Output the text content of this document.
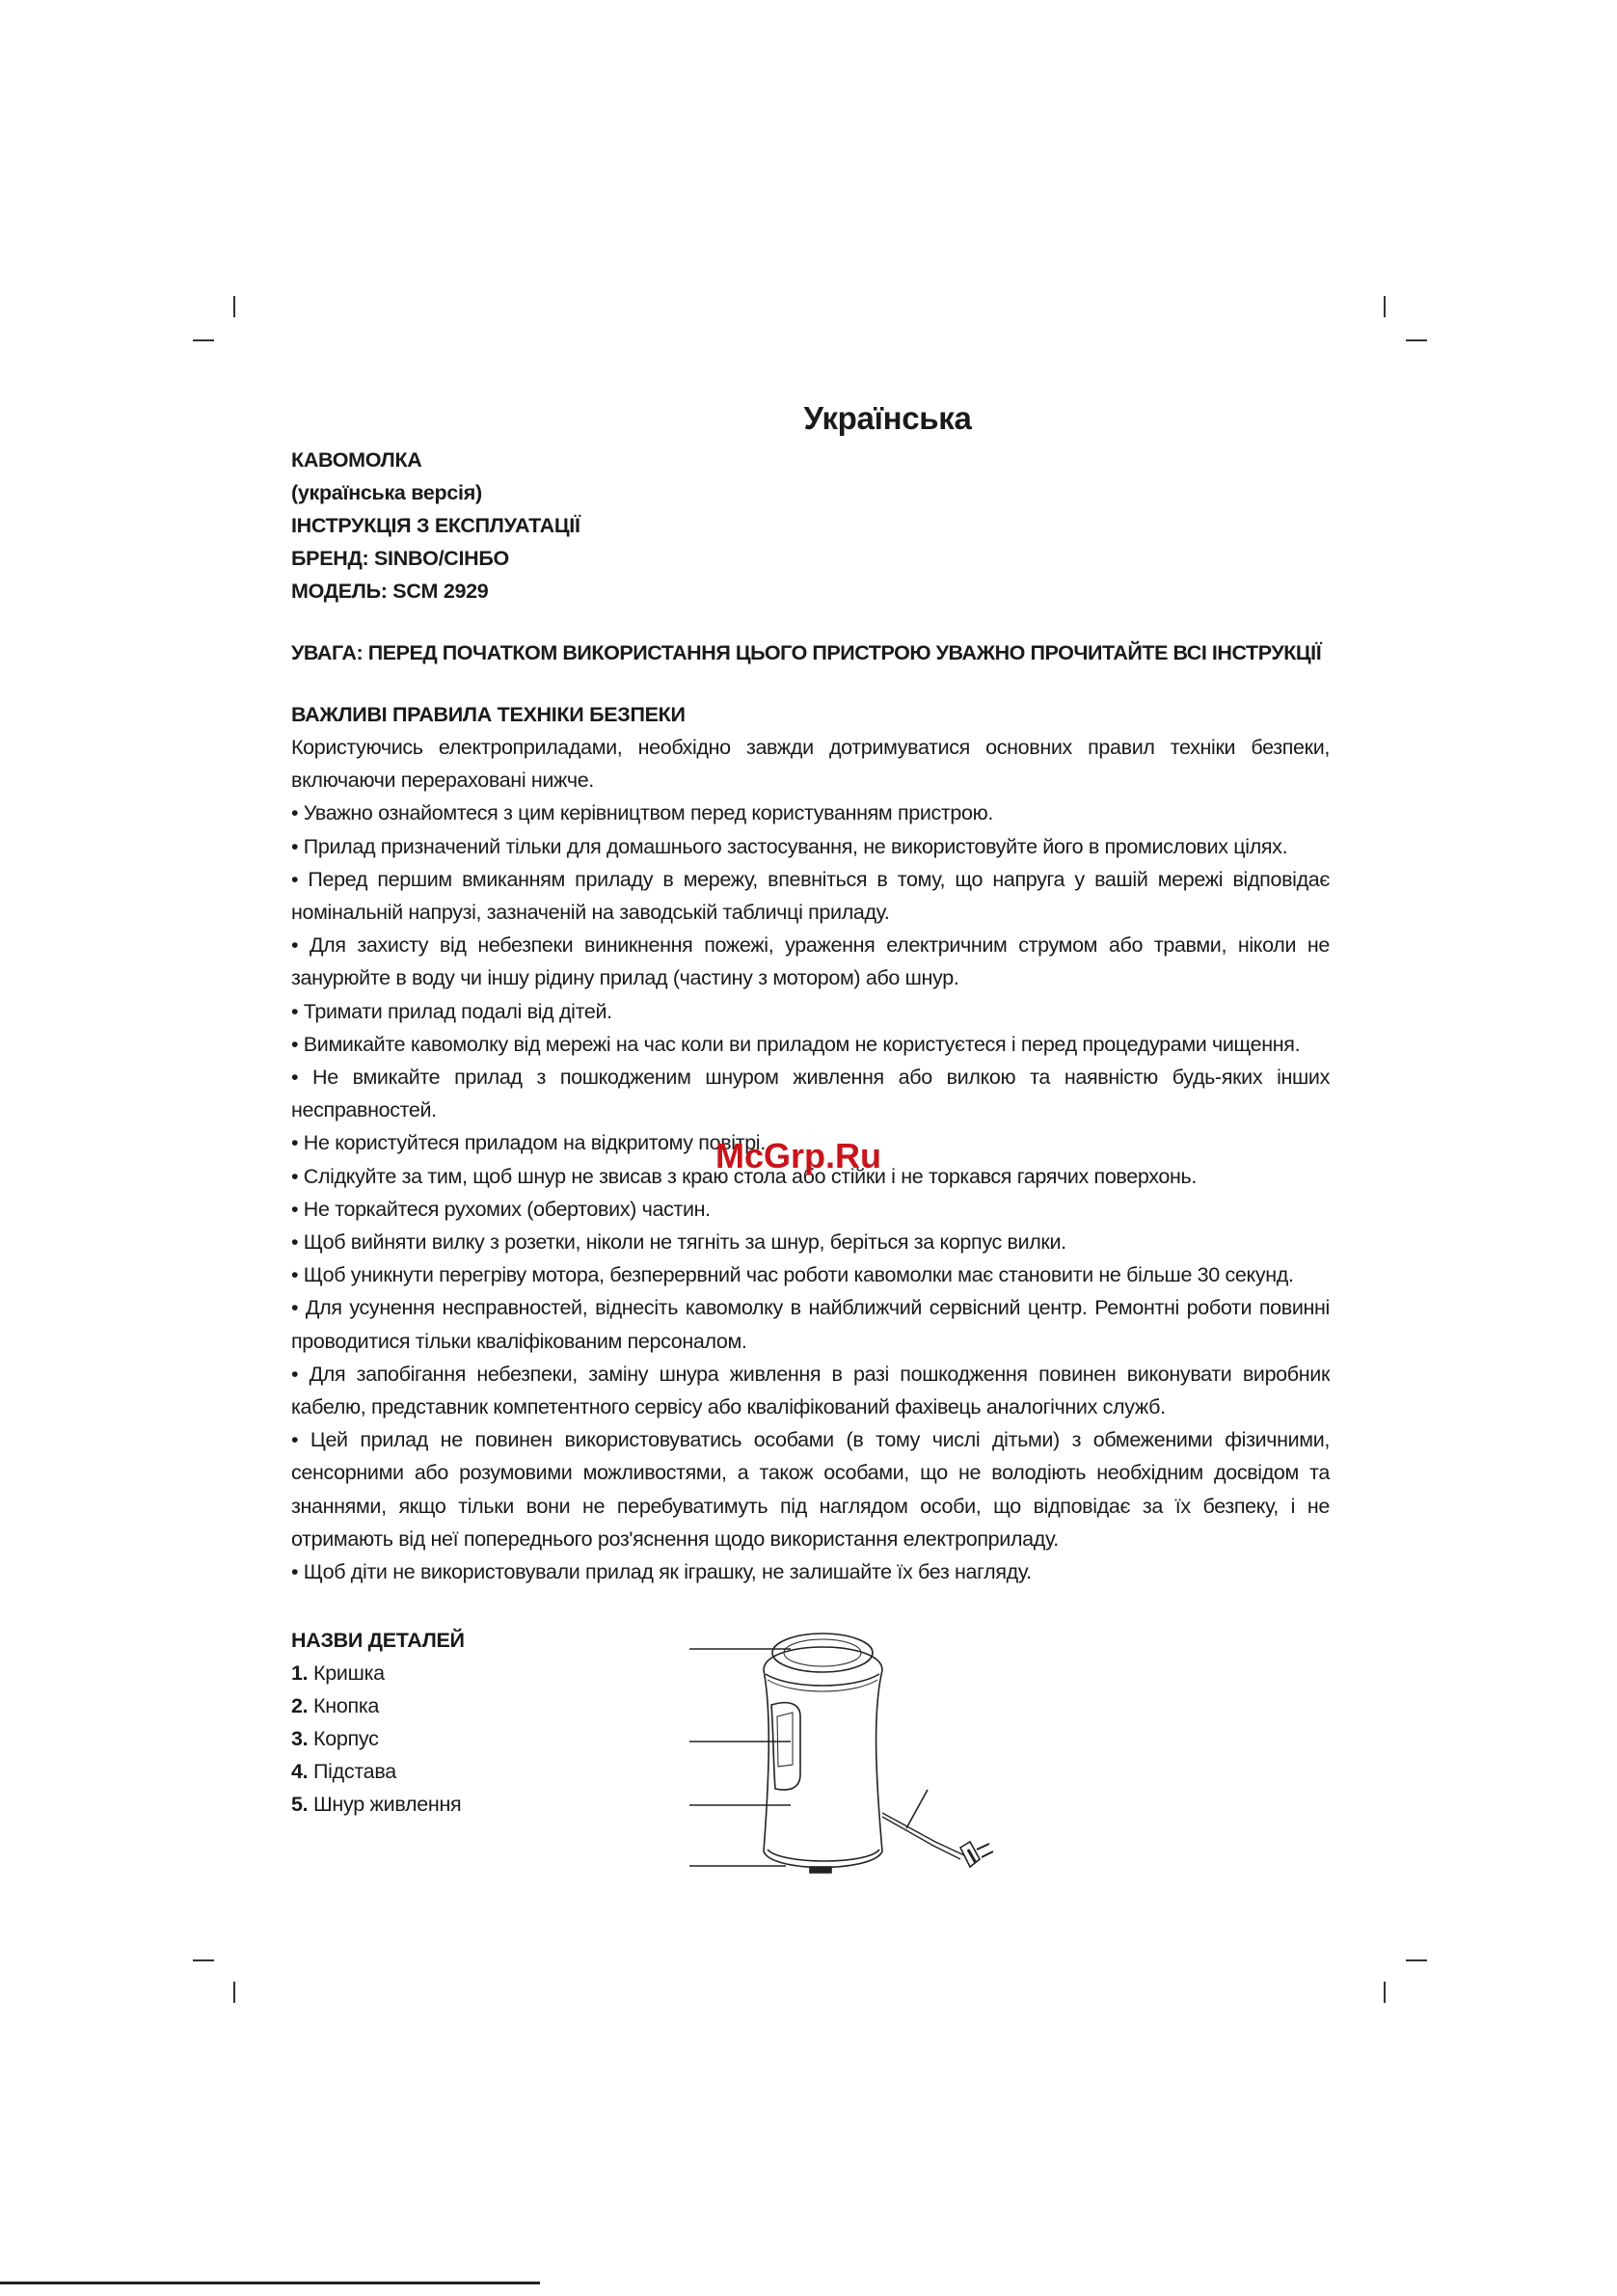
Українська
КАВОМОЛКА
(українська версія)
ІНСТРУКЦІЯ З ЕКСПЛУАТАЦІЇ
БРЕНД: SINBO/СІНБО
МОДЕЛЬ: SCM 2929
УВАГА: ПЕРЕД ПОЧАТКОМ ВИКОРИСТАННЯ ЦЬОГО ПРИСТРОЮ УВАЖНО ПРОЧИТАЙТЕ ВСІ ІНСТРУКЦІЇ
ВАЖЛИВІ ПРАВИЛА ТЕХНІКИ БЕЗПЕКИ
Користуючись електроприладами, необхідно завжди дотримуватися основних правил техніки безпеки, включаючи перераховані нижче.
• Уважно ознайомтеся з цим керівництвом перед користуванням пристрою.
• Прилад призначений тільки для домашнього застосування, не використовуйте його в промислових цілях.
• Перед першим вмиканням приладу в мережу, впевніться в тому, що напруга у вашій мережі відповідає номінальній напрузі, зазначеній на заводській табличці приладу.
• Для захисту від небезпеки виникнення пожежі, ураження електричним струмом або травми, ніколи не занурюйте в воду чи іншу рідину прилад (частину з мотором) або шнур.
• Тримати прилад подалі від дітей.
• Вимикайте кавомолку від мережі на час коли ви приладом не користуєтеся і перед процедурами чищення.
• Не вмикайте прилад з пошкодженим шнуром живлення або вилкою та наявністю будь-яких інших несправностей.
• Не користуйтеся приладом на відкритому повітрі.
• Слідкуйте за тим, щоб шнур не звисав з краю стола або стійки і не торкався гарячих поверхонь.
• Не торкайтеся рухомих (обертових) частин.
• Щоб вийняти вилку з розетки, ніколи не тягніть за шнур, беріться за корпус вилки.
• Щоб уникнути перегріву мотора, безперервний час роботи кавомолки має становити не більше 30 секунд.
• Для усунення несправностей, віднесіть кавомолку в найближчий сервісний центр. Ремонтні роботи повинні проводитися тільки кваліфікованим персоналом.
• Для запобігання небезпеки, заміну шнура живлення в разі пошкодження повинен виконувати виробник кабелю, представник компетентного сервісу або кваліфікований фахівець аналогічних служб.
• Цей прилад не повинен використовуватись особами (в тому числі дітьми) з обмеженими фізичними, сенсорними або розумовими можливостями, а також особами, що не володіють необхідним досвідом та знаннями, якщо тільки вони не перебуватимуть під наглядом особи, що відповідає за їх безпеку, і не отримають від неї попереднього роз'яснення щодо використання електроприладу.
• Щоб діти не використовували прилад як іграшку, не залишайте їх без нагляду.
McGrp.Ru
НАЗВИ ДЕТАЛЕЙ
1. Кришка
2. Кнопка
3. Корпус
4. Підстава
5. Шнур живлення
